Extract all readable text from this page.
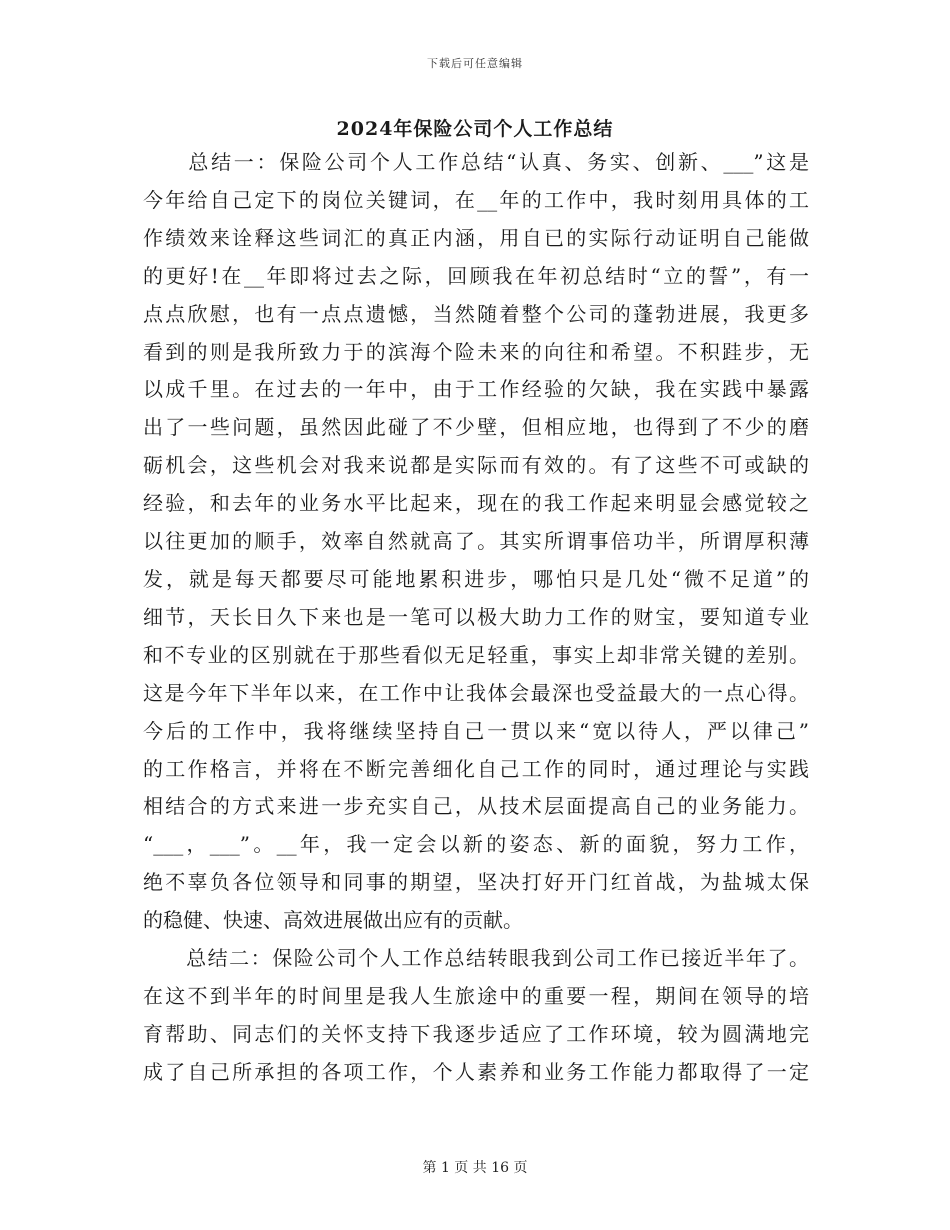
下载后可任意编辑
2024年保险公司个人工作总结
　　总结一：保险公司个人工作总结“认真、务实、创新、___”这是
今年给自己定下的岗位关键词，在__年的工作中，我时刻用具体的工
作绩效来诠释这些词汇的真正内涵，用自已的实际行动证明自己能做
的更好!在__年即将过去之际，回顾我在年初总结时“立的誓”，有一
点点欣慰，也有一点点遗憾，当然随着整个公司的蓬勃进展，我更多
看到的则是我所致力于的滨海个险未来的向往和希望。不积跬步，无
以成千里。在过去的一年中，由于工作经验的欠缺，我在实践中暴露
出了一些问题，虽然因此碰了不少壁，但相应地，也得到了不少的磨
砺机会，这些机会对我来说都是实际而有效的。有了这些不可或缺的
经验，和去年的业务水平比起来，现在的我工作起来明显会感觉较之
以往更加的顺手，效率自然就高了。其实所谓事倍功半，所谓厚积薄
发，就是每天都要尽可能地累积进步，哪怕只是几处“微不足道”的
细节，天长日久下来也是一笔可以极大助力工作的财宝，要知道专业
和不专业的区别就在于那些看似无足轻重，事实上却非常关键的差别。
这是今年下半年以来，在工作中让我体会最深也受益最大的一点心得。
今后的工作中，我将继续坚持自己一贯以来“宽以待人，严以律己”
的工作格言，并将在不断完善细化自己工作的同时，通过理论与实践
相结合的方式来进一步充实自己，从技术层面提高自己的业务能力。
“___，___”。__年，我一定会以新的姿态、新的面貌，努力工作，
绝不辜负各位领导和同事的期望，坚决打好开门红首战，为盐城太保
的稳健、快速、高效进展做出应有的贡献。
　　总结二：保险公司个人工作总结转眼我到公司工作已接近半年了。
在这不到半年的时间里是我人生旅途中的重要一程，期间在领导的培
育帮助、同志们的关怀支持下我逐步适应了工作环境，较为圆满地完
成了自己所承担的各项工作，个人素养和业务工作能力都取得了一定
第 1 页 共 16 页
